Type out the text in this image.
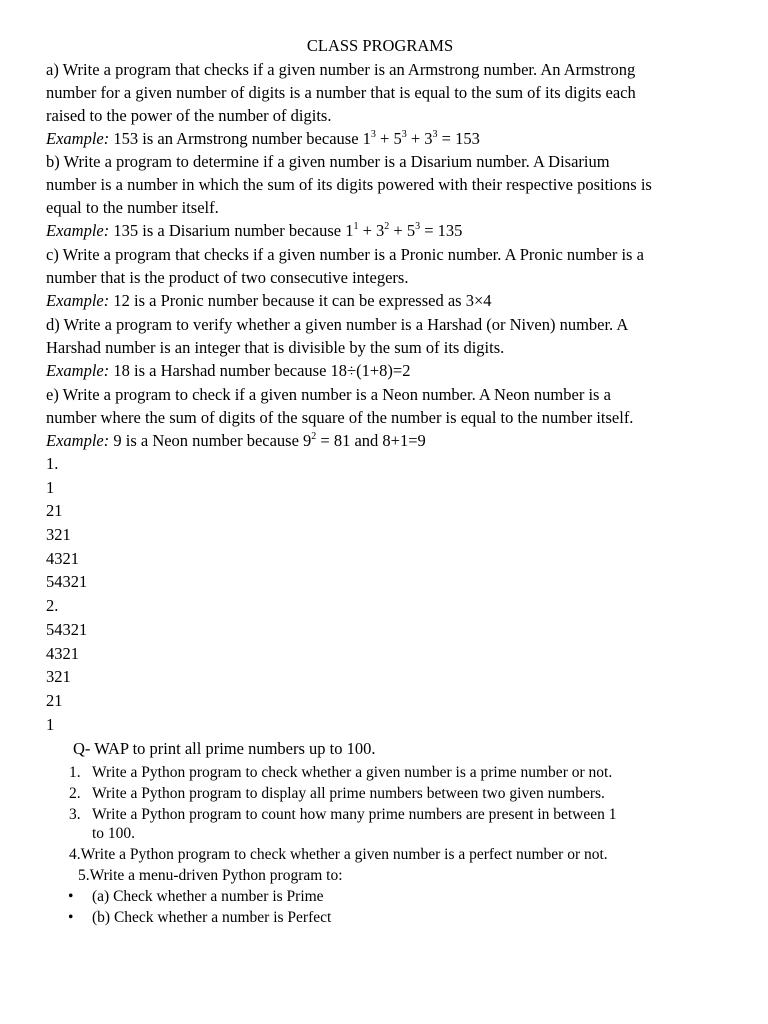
CLASS PROGRAMS
a) Write a program that checks if a given number is an Armstrong number. An Armstrong
number for a given number of digits is a number that is equal to the sum of its digits each
raised to the power of the number of digits.
Example: 153 is an Armstrong number because $1^3 + 5^3 + 3^3 = 153$
b) Write a program to determine if a given number is a Disarium number. A Disarium
number is a number in which the sum of its digits powered with their respective positions is
equal to the number itself.
Example: 135 is a Disarium number because $1^1 + 3^2 + 5^3 = 135$
c) Write a program that checks if a given number is a Pronic number. A Pronic number is a
number that is the product of two consecutive integers.
Example: 12 is a Pronic number because it can be expressed as 3×4
d) Write a program to verify whether a given number is a Harshad (or Niven) number. A
Harshad number is an integer that is divisible by the sum of its digits.
Example: 18 is a Harshad number because 18÷(1+8)=2
e) Write a program to check if a given number is a Neon number. A Neon number is a
number where the sum of digits of the square of the number is equal to the number itself.
Example: 9 is a Neon number because $9^2 = 81$ and 8+1=9
1.
1
21
321
4321
54321
2.
54321
4321
321
21
1
Q- WAP to print all prime numbers up to 100.
1. Write a Python program to check whether a given number is a prime number or not.
2. Write a Python program to display all prime numbers between two given numbers.
3. Write a Python program to count how many prime numbers are present in between 1
to 100.
4.Write a Python program to check whether a given number is a perfect number or not.
5.Write a menu-driven Python program to:
• (a) Check whether a number is Prime
• (b) Check whether a number is Perfect
